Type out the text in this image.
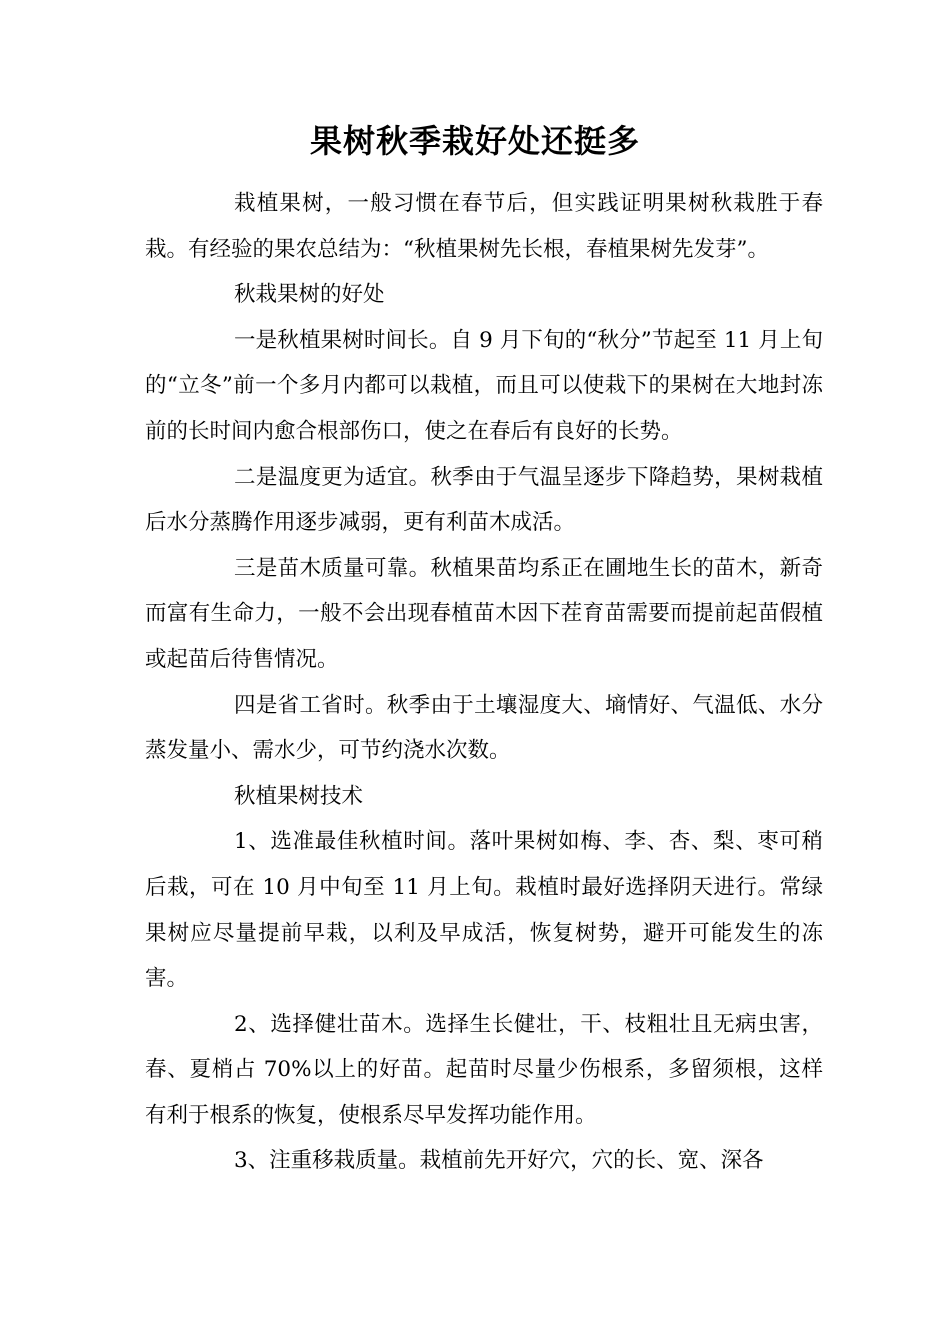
果树秋季栽好处还挺多

栽植果树，一般习惯在春节后，但实践证明果树秋栽胜于春栽。有经验的果农总结为：“秋植果树先长根，春植果树先发芽”。

秋栽果树的好处

一是秋植果树时间长。自 9 月下旬的“秋分”节起至 11 月上旬的“立冬”前一个多月内都可以栽植，而且可以使栽下的果树在大地封冻前的长时间内愈合根部伤口，使之在春后有良好的长势。

二是温度更为适宜。秋季由于气温呈逐步下降趋势，果树栽植后水分蒸腾作用逐步减弱，更有利苗木成活。

三是苗木质量可靠。秋植果苗均系正在圃地生长的苗木，新奇而富有生命力，一般不会出现春植苗木因下茬育苗需要而提前起苗假植或起苗后待售情况。

四是省工省时。秋季由于土壤湿度大、墒情好、气温低、水分蒸发量小、需水少，可节约浇水次数。

秋植果树技术

1、选准最佳秋植时间。落叶果树如梅、李、杏、梨、枣可稍后栽，可在 10 月中旬至 11 月上旬。栽植时最好选择阴天进行。常绿果树应尽量提前早栽，以利及早成活，恢复树势，避开可能发生的冻害。

2、选择健壮苗木。选择生长健壮，干、枝粗壮且无病虫害，春、夏梢占 70%以上的好苗。起苗时尽量少伤根系，多留须根，这样有利于根系的恢复，使根系尽早发挥功能作用。

3、注重移栽质量。栽植前先开好穴，穴的长、宽、深各
